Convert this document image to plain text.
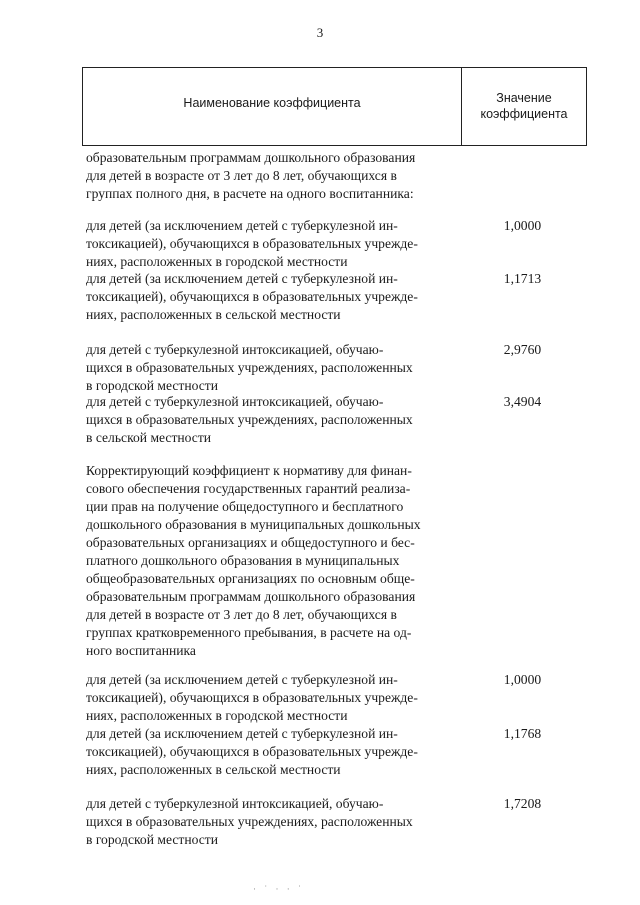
3
Наименование коэффициента	Значение
коэффициента
образовательным программам дошкольного образования
для детей в возрасте от 3 лет до 8 лет, обучающихся в
группах полного дня, в расчете на одного воспитанника:
для детей (за исключением детей с туберкулезной ин-
токсикацией), обучающихся в образовательных учрежде-
ниях, расположенных в городской местности
1,0000
для детей (за исключением детей с туберкулезной ин-
токсикацией), обучающихся в образовательных учрежде-
ниях, расположенных в сельской местности
1,1713
для детей с туберкулезной интоксикацией, обучаю-
щихся в образовательных учреждениях, расположенных
в городской местности
2,9760
для детей с туберкулезной интоксикацией, обучаю-
щихся в образовательных учреждениях, расположенных
в сельской местности
3,4904
Корректирующий коэффициент к нормативу для финан-
сового обеспечения государственных гарантий реализа-
ции прав на получение общедоступного и бесплатного
дошкольного образования в муниципальных дошкольных
образовательных организациях и общедоступного и бес-
платного дошкольного образования в муниципальных
общеобразовательных организациях по основным обще-
образовательным программам дошкольного образования
для детей в возрасте от 3 лет до 8 лет, обучающихся в
группах кратковременного пребывания, в расчете на од-
ного воспитанника
для детей (за исключением детей с туберкулезной ин-
токсикацией), обучающихся в образовательных учрежде-
ниях, расположенных в городской местности
1,0000
для детей (за исключением детей с туберкулезной ин-
токсикацией), обучающихся в образовательных учрежде-
ниях, расположенных в сельской местности
1,1768
для детей с туберкулезной интоксикацией, обучаю-
щихся в образовательных учреждениях, расположенных
в городской местности
1,7208
· ˙ · · ˙
